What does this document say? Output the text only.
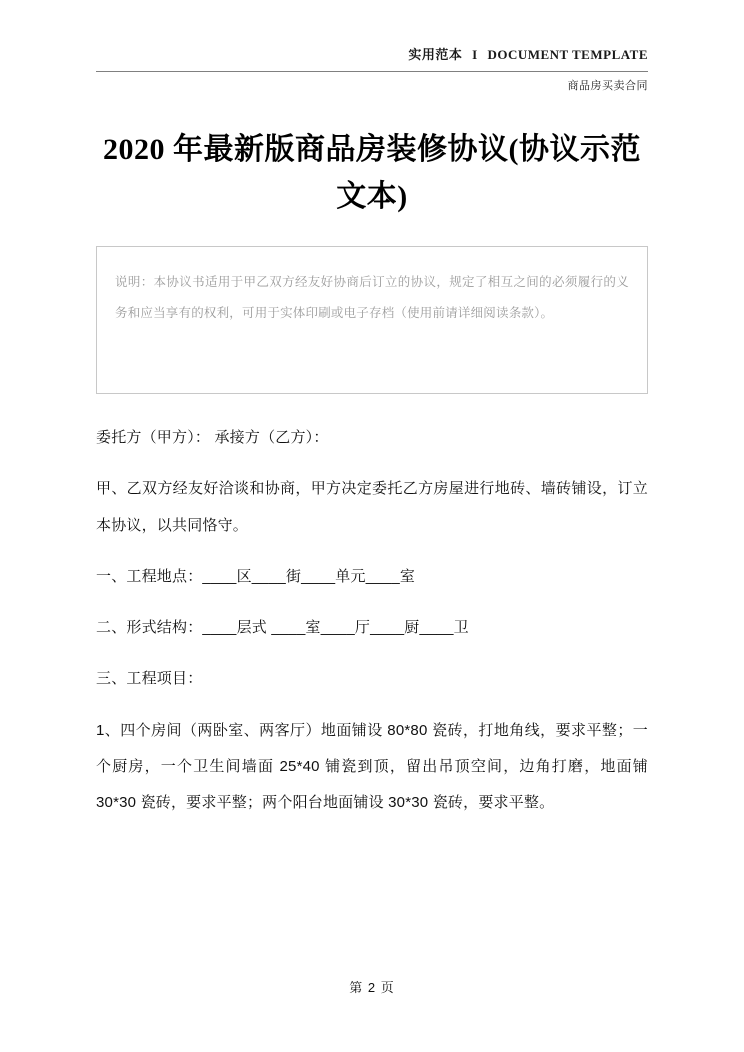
实用范本 I DOCUMENT TEMPLATE
商品房买卖合同
2020 年最新版商品房装修协议(协议示范文本)
说明：本协议书适用于甲乙双方经友好协商后订立的协议，规定了相互之间的必须履行的义务和应当享有的权利，可用于实体印刷或电子存档（使用前请详细阅读条款）。

委托方（甲方）： 承接方（乙方）：

甲、乙双方经友好洽谈和协商，甲方决定委托乙方房屋进行地砖、墙砖铺设，订立本协议，以共同恪守。

一、工程地点：____区____街____单元____室

二、形式结构：____层式 ____室____厅____厨____卫

三、工程项目：

1、四个房间（两卧室、两客厅）地面铺设 80*80 瓷砖，打地角线，要求平整；一个厨房，一个卫生间墙面 25*40 铺瓷到顶，留出吊顶空间，边角打磨，地面铺 30*30 瓷砖，要求平整；两个阳台地面铺设 30*30 瓷砖，要求平整。

第 2 页
